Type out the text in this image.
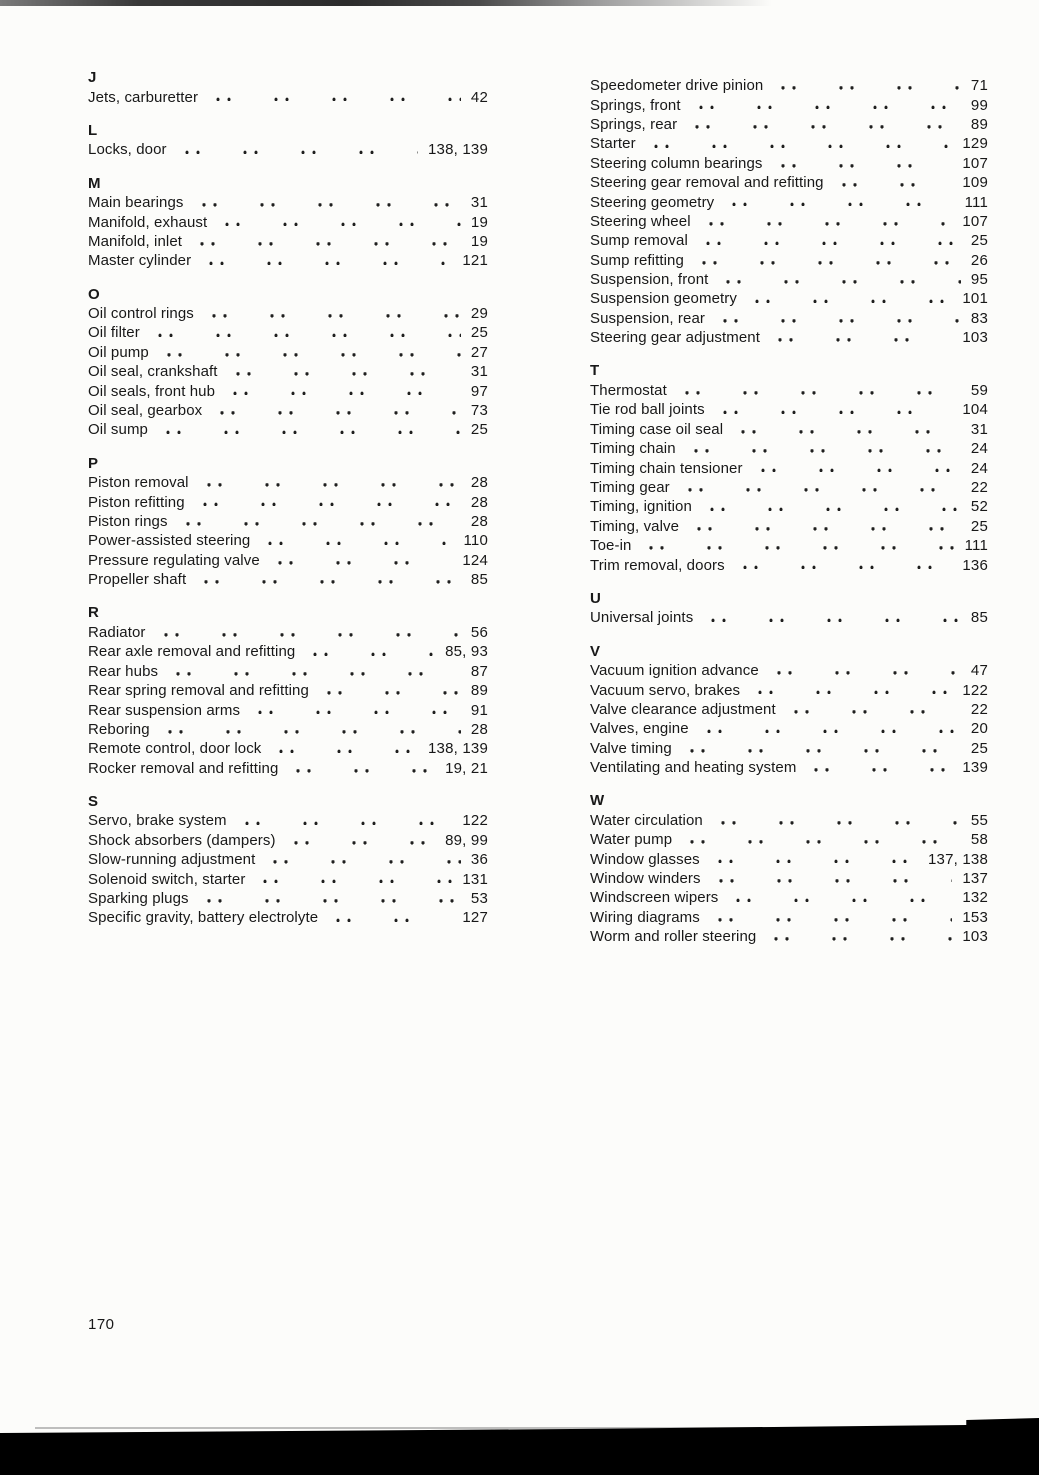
J
Jets, carburetter	42
L
Locks, door	138, 139
M
Main bearings	31
Manifold, exhaust	19
Manifold, inlet	19
Master cylinder	121
O
Oil control rings	29
Oil filter	25
Oil pump	27
Oil seal, crankshaft	31
Oil seals, front hub	97
Oil seal, gearbox	73
Oil sump	25
P
Piston removal	28
Piston refitting	28
Piston rings	28
Power-assisted steering	110
Pressure regulating valve	124
Propeller shaft	85
R
Radiator	56
Rear axle removal and refitting	85, 93
Rear hubs	87
Rear spring removal and refitting	89
Rear suspension arms	91
Reboring	28
Remote control, door lock	138, 139
Rocker removal and refitting	19, 21
S
Servo, brake system	122
Shock absorbers (dampers)	89, 99
Slow-running adjustment	36
Solenoid switch, starter	131
Sparking plugs	53
Specific gravity, battery electrolyte	127
Speedometer drive pinion	71
Springs, front	99
Springs, rear	89
Starter	129
Steering column bearings	107
Steering gear removal and refitting	109
Steering geometry	111
Steering wheel	107
Sump removal	25
Sump refitting	26
Suspension, front	95
Suspension geometry	101
Suspension, rear	83
Steering gear adjustment	103
T
Thermostat	59
Tie rod ball joints	104
Timing case oil seal	31
Timing chain	24
Timing chain tensioner	24
Timing gear	22
Timing, ignition	52
Timing, valve	25
Toe-in	111
Trim removal, doors	136
U
Universal joints	85
V
Vacuum ignition advance	47
Vacuum servo, brakes	122
Valve clearance adjustment	22
Valves, engine	20
Valve timing	25
Ventilating and heating system	139
W
Water circulation	55
Water pump	58
Window glasses	137, 138
Window winders	137
Windscreen wipers	132
Wiring diagrams	153
Worm and roller steering	103
170
